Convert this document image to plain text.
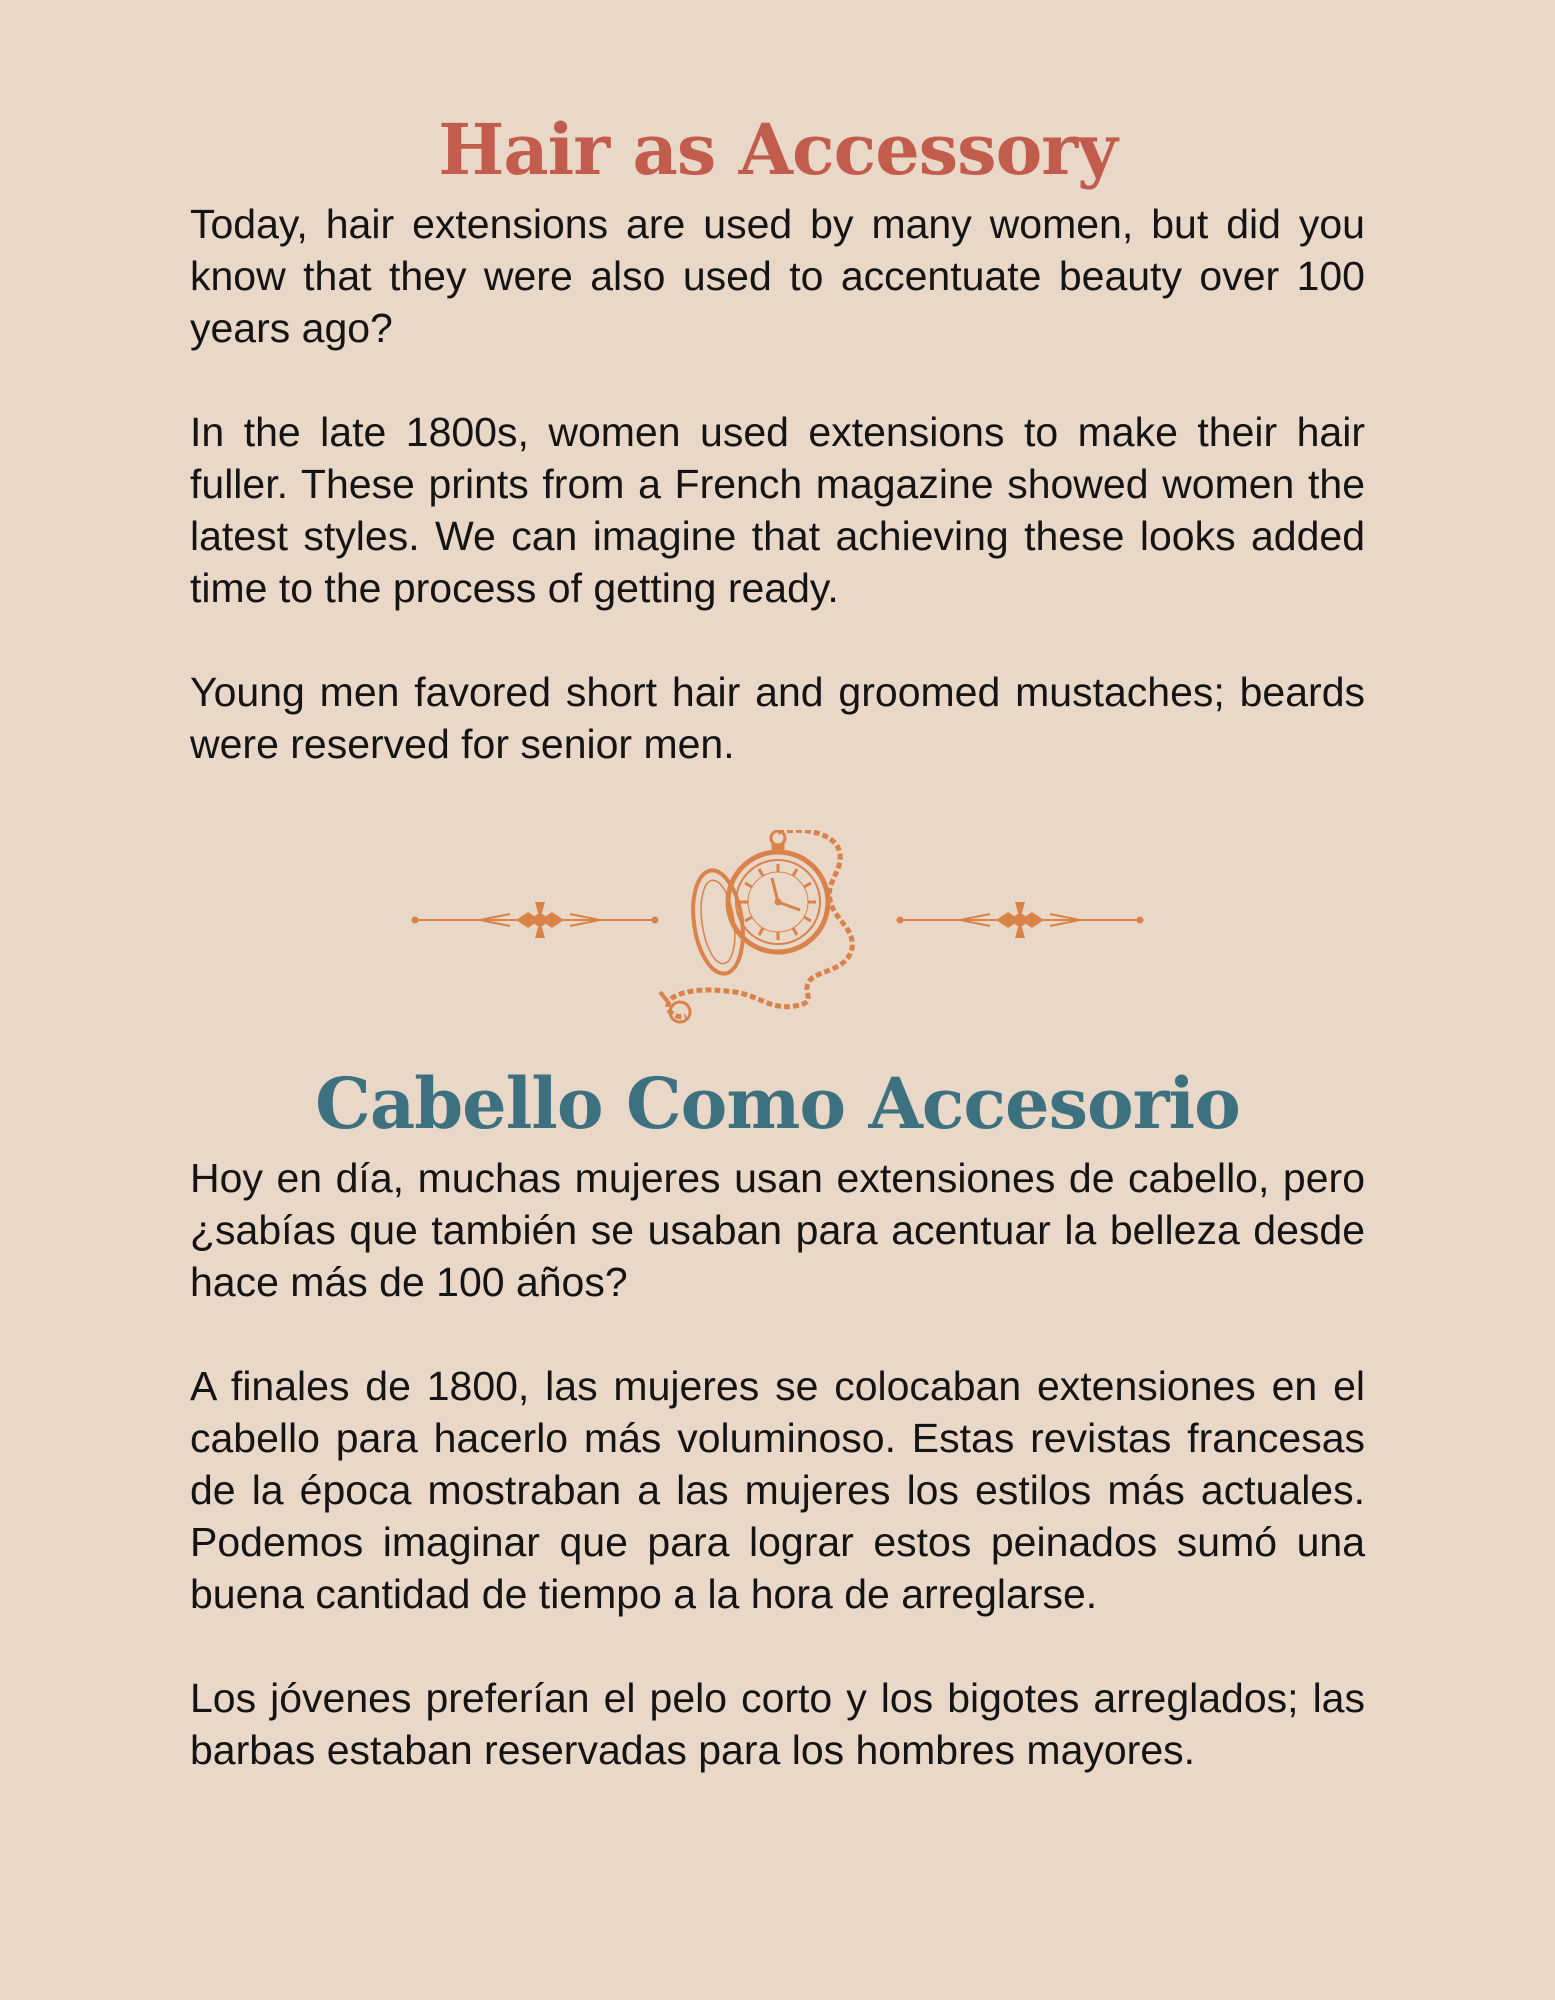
Hair as Accessory

Today, hair extensions are used by many women, but did you know that they were also used to accentuate beauty over 100 years ago?

In the late 1800s, women used extensions to make their hair fuller. These prints from a French magazine showed women the latest styles. We can imagine that achieving these looks added time to the process of getting ready.

Young men favored short hair and groomed mustaches; beards were reserved for senior men.

Cabello Como Accesorio

Hoy en día, muchas mujeres usan extensiones de cabello, pero ¿sabías que también se usaban para acentuar la belleza desde hace más de 100 años?

A finales de 1800, las mujeres se colocaban extensiones en el cabello para hacerlo más voluminoso. Estas revistas francesas de la época mostraban a las mujeres los estilos más actuales. Podemos imaginar que para lograr estos peinados sumó una buena cantidad de tiempo a la hora de arreglarse.

Los jóvenes preferían el pelo corto y los bigotes arreglados; las barbas estaban reservadas para los hombres mayores.
